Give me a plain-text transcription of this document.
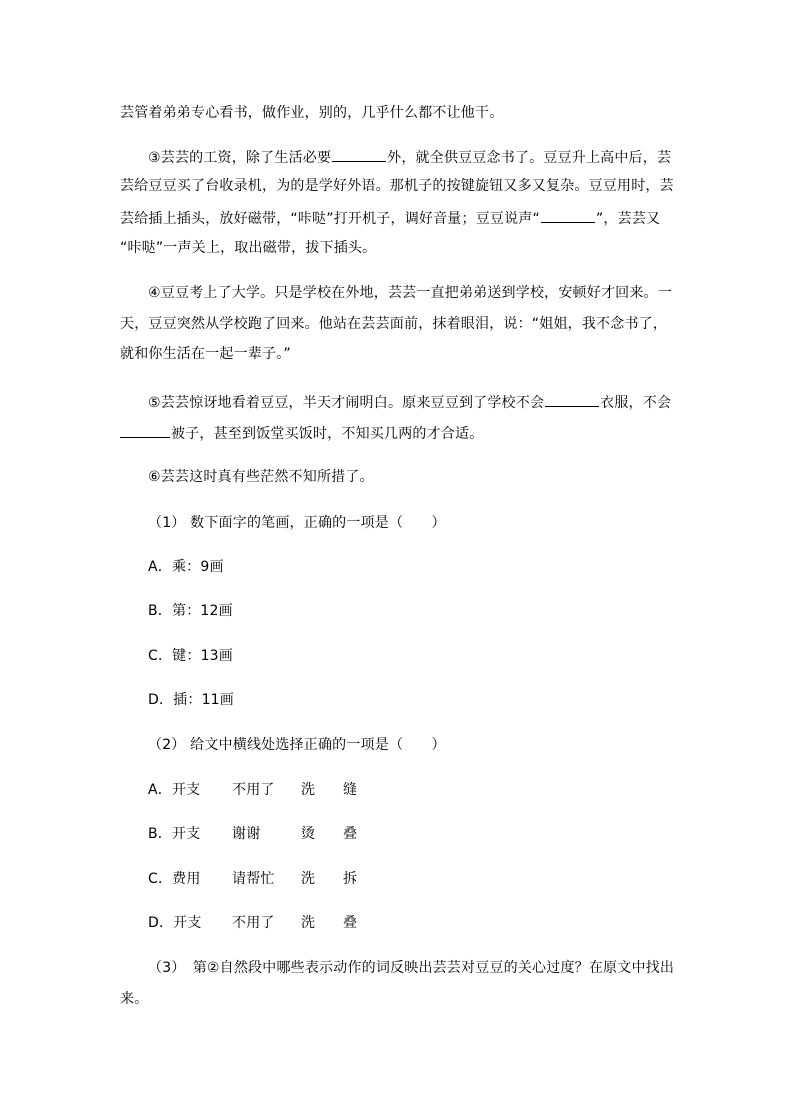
芸管着弟弟专心看书，做作业，别的，几乎什么都不让他干。
③芸芸的工资，除了生活必要	外，就全供豆豆念书了。豆豆升上高中后，芸
芸给豆豆买了台收录机，为的是学好外语。那机子的按键旋钮又多又复杂。豆豆用时，芸
芸给插上插头，放好磁带，“咔哒”打开机子，调好音量；豆豆说声“	”，芸芸又
“咔哒”一声关上，取出磁带，拔下插头。
④豆豆考上了大学。只是学校在外地，芸芸一直把弟弟送到学校，安顿好才回来。一
天，豆豆突然从学校跑了回来。他站在芸芸面前，抹着眼泪，说：“姐姐，我不念书了，
就和你生活在一起一辈子。”
⑤芸芸惊讶地看着豆豆，半天才闹明白。原来豆豆到了学校不会	衣服，不会
被子，甚至到饭堂买饭时，不知买几两的才合适。
⑥芸芸这时真有些茫然不知所措了。
（1） 数下面字的笔画，正确的一项是（　　）
A．乘：9画
B．第：12画
C．键：13画
D．插：11画
（2） 给文中横线处选择正确的一项是（　　）
A．开支 不用了 洗 缝
B．开支 谢谢	烫 叠
C．费用 请帮忙 洗 拆
D．开支 不用了 洗 叠
（3）　第②自然段中哪些表示动作的词反映出芸芸对豆豆的关心过度？在原文中找出
来。
